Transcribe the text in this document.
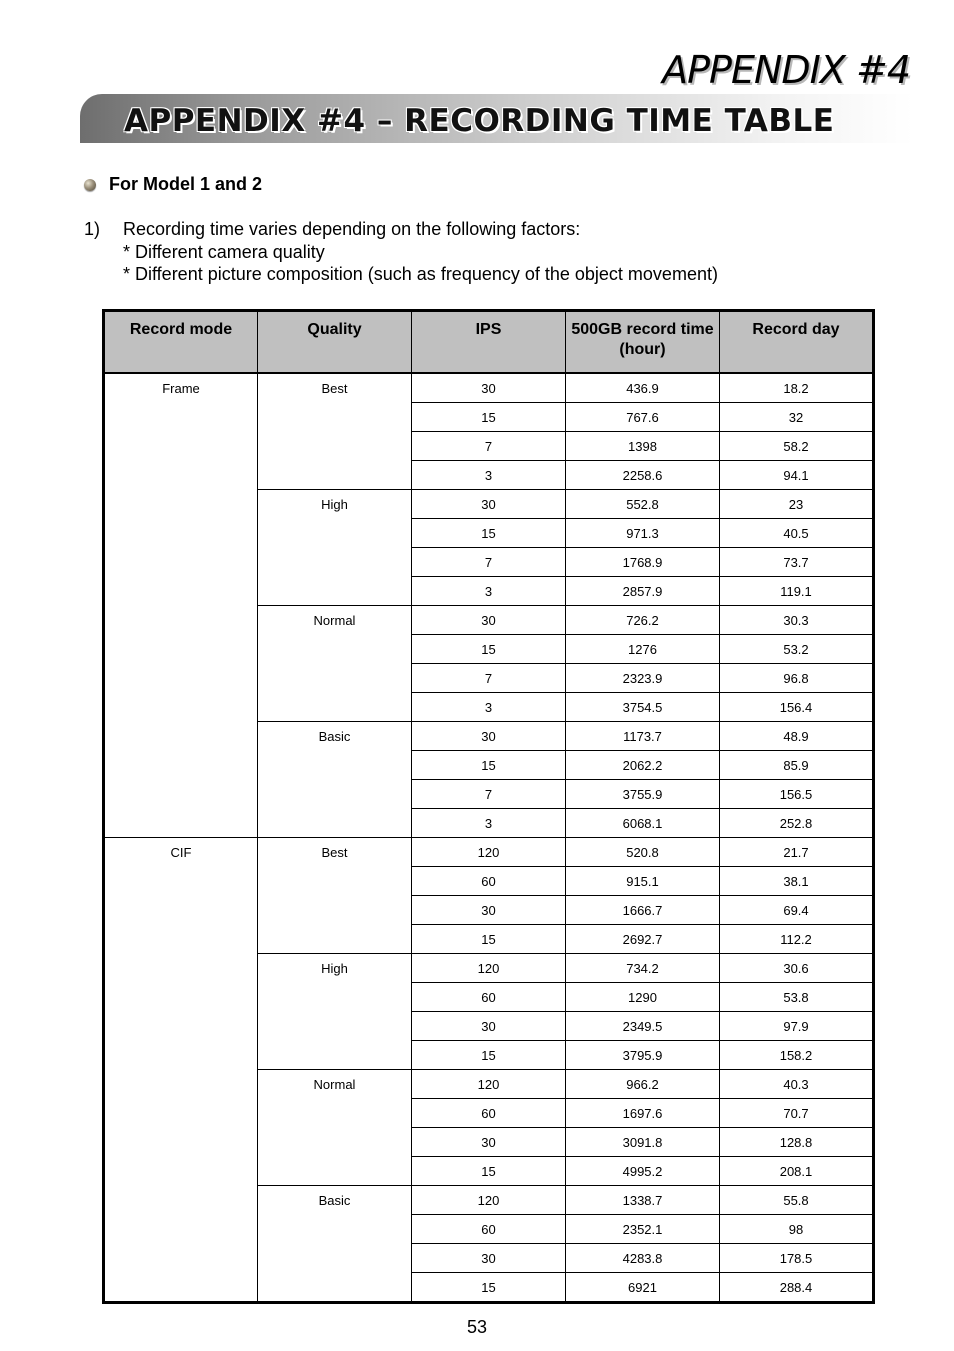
APPENDIX #4
APPENDIX #4 – RECORDING TIME TABLE
For Model 1 and 2
1) Recording time varies depending on the following factors:
* Different camera quality
* Different picture composition (such as frequency of the object movement)
Record mode	Quality	IPS	500GB record time (hour)	Record day
Frame	Best	30	436.9	18.2
		15	767.6	32
		7	1398	58.2
		3	2258.6	94.1
	High	30	552.8	23
		15	971.3	40.5
		7	1768.9	73.7
		3	2857.9	119.1
	Normal	30	726.2	30.3
		15	1276	53.2
		7	2323.9	96.8
		3	3754.5	156.4
	Basic	30	1173.7	48.9
		15	2062.2	85.9
		7	3755.9	156.5
		3	6068.1	252.8
CIF	Best	120	520.8	21.7
		60	915.1	38.1
		30	1666.7	69.4
		15	2692.7	112.2
	High	120	734.2	30.6
		60	1290	53.8
		30	2349.5	97.9
		15	3795.9	158.2
	Normal	120	966.2	40.3
		60	1697.6	70.7
		30	3091.8	128.8
		15	4995.2	208.1
	Basic	120	1338.7	55.8
		60	2352.1	98
		30	4283.8	178.5
		15	6921	288.4
53
